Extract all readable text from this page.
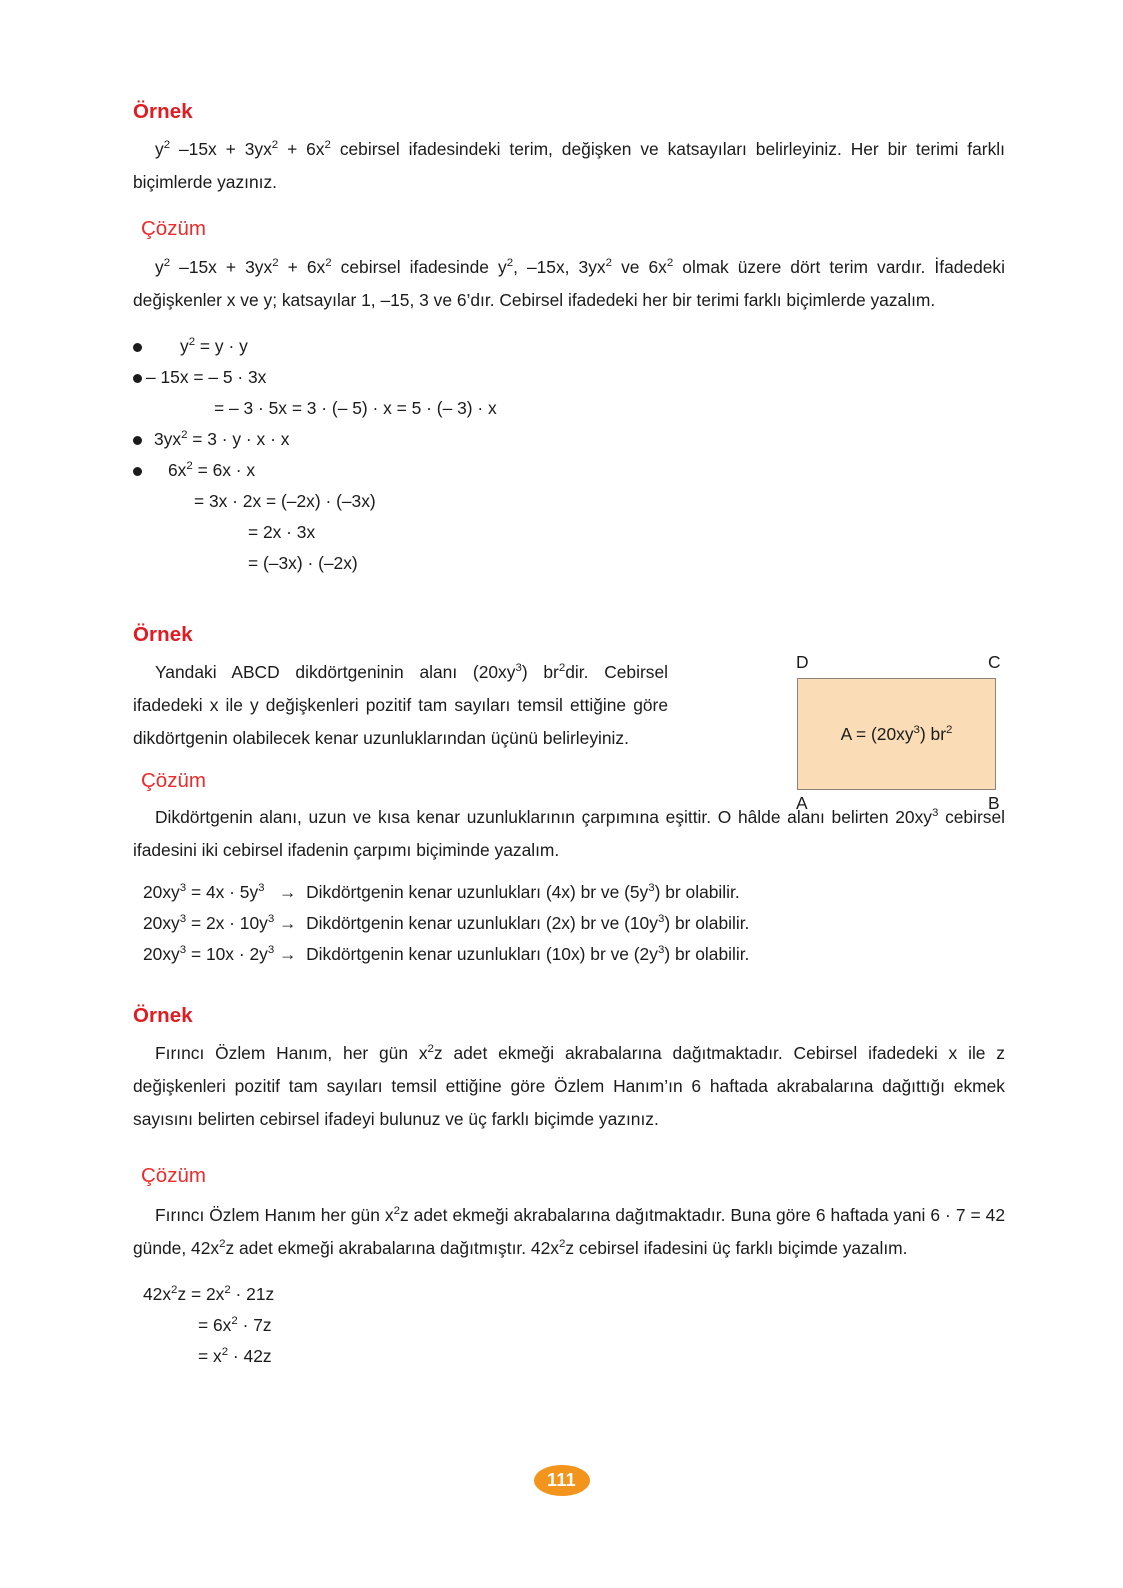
Örnek

$y^2$ $-15x + 3yx^2 + 6x^2$ cebirsel ifadesindeki terim, değişken ve katsayıları belirleyiniz. Her bir terimi farklı biçimlerde yazınız.

Çözüm

$y^2$ $-15x + 3yx^2 + 6x^2$ cebirsel ifadesinde $y^2$, –15x, $3yx^2$ ve $6x^2$ olmak üzere dört terim vardır. İfadedeki değişkenler x ve y; katsayılar 1, –15, 3 ve 6’dır. Cebirsel ifadedeki her bir terimi farklı biçimlerde yazalım.

$y^2 = y \cdot y$
– 15x = – 5 · 3x
= – 3 · 5x = 3 · (– 5) · x = 5 · (– 3) · x
$3yx^2 = 3 \cdot y \cdot x \cdot x$
$6x^2 = 6x \cdot x$
= 3x · 2x = (–2x) · (–3x)
= 2x · 3x
= (–3x) · (–2x)
Örnek

Yandaki ABCD dikdörtgeninin alanı $(20xy^3)$ $br^2dir$. Cebirsel ifadedeki x ile y değişkenleri pozitif tam sayıları temsil ettiğine göre dikdörtgenin olabilecek kenar uzunluklarından üçünü belirleyiniz.

Çözüm

Dikdörtgenin alanı, uzun ve kısa kenar uzunluklarının çarpımına eşittir. O hâlde alanı belirten $20xy^3$ cebirsel ifadesini iki cebirsel ifadenin çarpımı biçiminde yazalım.

$20xy^3 = 4x \cdot 5y^3$   →  Dikdörtgenin kenar uzunlukları (4x) br ve $(5y^3)$ br olabilir.
$20xy^3 = 2x \cdot 10y^3$ →  Dikdörtgenin kenar uzunlukları (2x) br ve $(10y^3)$ br olabilir.
$20xy^3 = 10x \cdot 2y^3$ →  Dikdörtgenin kenar uzunlukları (10x) br ve $(2y^3)$ br olabilir.
Örnek

Fırıncı Özlem Hanım, her gün $x^2z$ adet ekmeği akrabalarına dağıtmaktadır. Cebirsel ifadedeki x ile z değişkenleri pozitif tam sayıları temsil ettiğine göre Özlem Hanım’ın 6 haftada akrabalarına dağıttığı ekmek sayısını belirten cebirsel ifadeyi bulunuz ve üç farklı biçimde yazınız.

Çözüm

Fırıncı Özlem Hanım her gün $x^2z$ adet ekmeği akrabalarına dağıtmaktadır. Buna göre 6 haftada yani 6 · 7 = 42 günde, $42x^2z$ adet ekmeği akrabalarına dağıtmıştır. $42x^2z$ cebirsel ifadesini üç farklı biçimde yazalım.

$42x^2z = 2x^2 \cdot 21z$
= $6x^2 \cdot 7z$
= $x^2 \cdot 42z$
D	C
A	B
$A = (20xy^3)$ $br^2$
111
